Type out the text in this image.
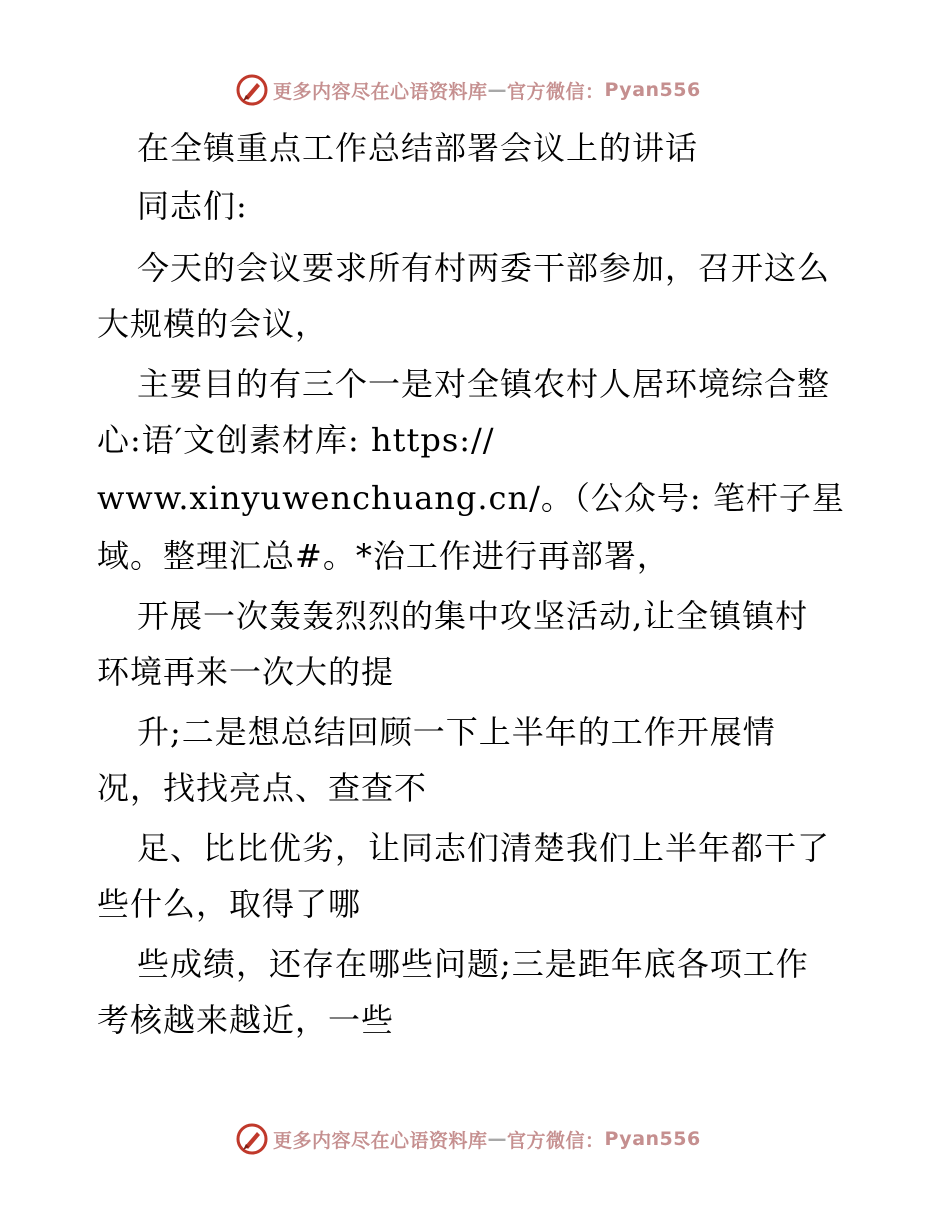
更多内容尽在心语资料库 — 官方微信： Pyan556
在全镇重点工作总结部署会议上的讲话
同志们:
今天的会议要求所有村两委干部参加，召开这么
大规模的会议，
主要目的有三个一是对全镇农村人居环境综合整
心:语′文创素材库: https://
www.xinyuwenchuang.cn/。（公众号: 笔杆子星
域。整理汇总#。*治工作进行再部署，
开展一次轰轰烈烈的集中攻坚活动,让全镇镇村
环境再来一次大的提
升;二是想总结回顾一下上半年的工作开展情
况，找找亮点、查查不
足、比比优劣，让同志们清楚我们上半年都干了
些什么，取得了哪
些成绩，还存在哪些问题;三是距年底各项工作
考核越来越近，一些
更多内容尽在心语资料库 — 官方微信： Pyan556
